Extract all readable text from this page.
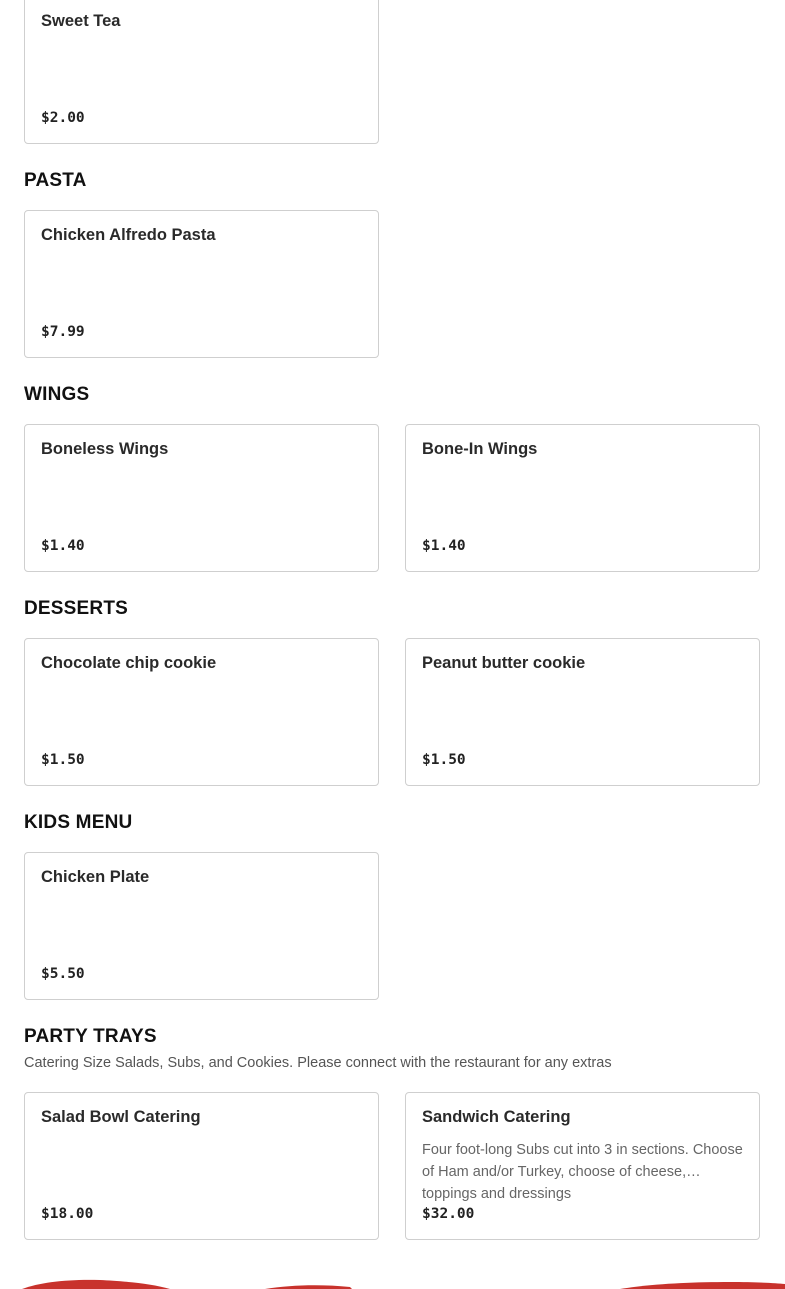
Sweet Tea
$2.00
PASTA
Chicken Alfredo Pasta
$7.99
WINGS
Boneless Wings
$1.40
Bone-In Wings
$1.40
DESSERTS
Chocolate chip cookie
$1.50
Peanut butter cookie
$1.50
KIDS MENU
Chicken Plate
$5.50
PARTY TRAYS

Catering Size Salads, Subs, and Cookies. Please connect with the restaurant for any extras

Salad Bowl Catering
$18.00
Sandwich Catering
Four foot-long Subs cut into 3 in sections. Choose of Ham and/or Turkey, choose of cheese, toppings and dressings
$32.00
